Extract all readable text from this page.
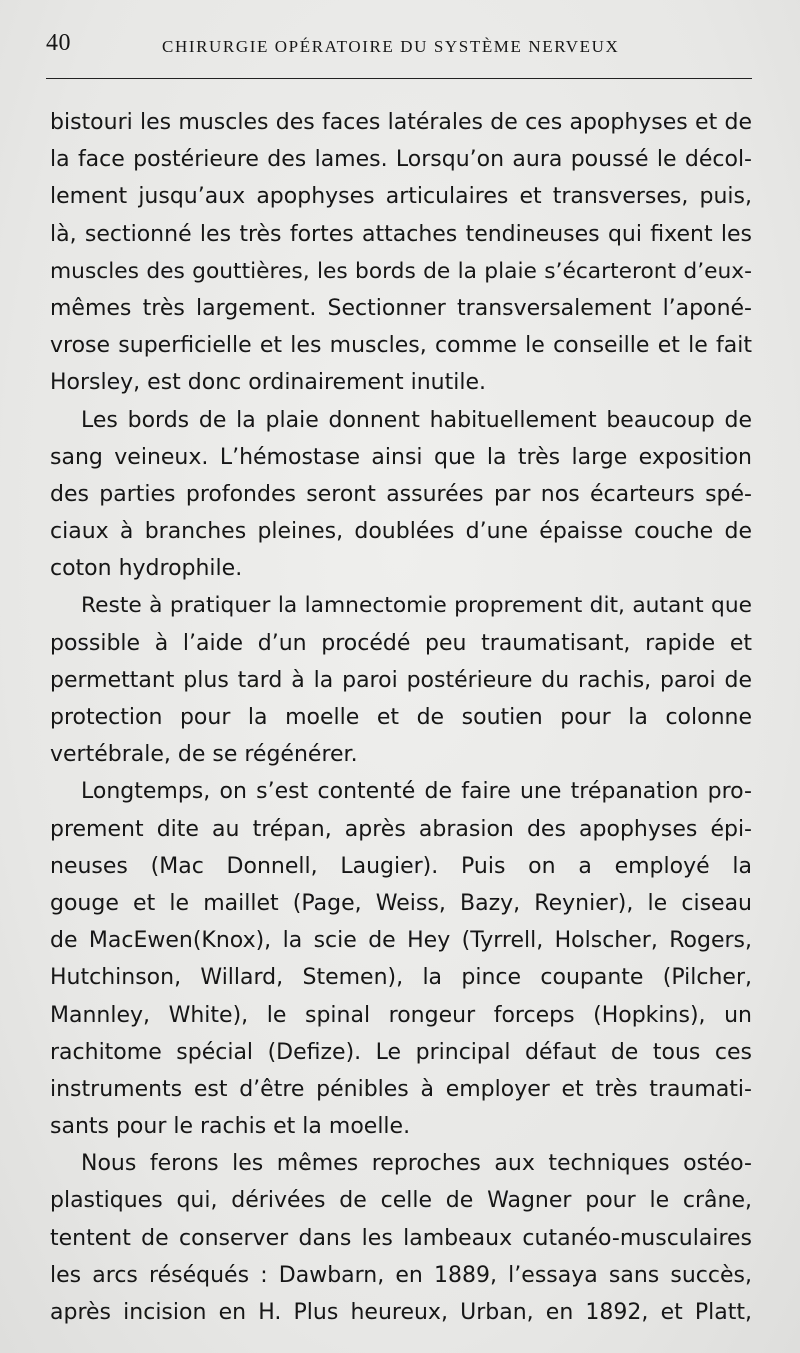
40	CHIRURGIE OPÉRATOIRE DU SYSTÈME NERVEUX
bistouri les muscles des faces latérales de ces apophyses et de
la face postérieure des lames. Lorsqu’on aura poussé le décol-
lement jusqu’aux apophyses articulaires et transverses, puis,
là, sectionné les très fortes attaches tendineuses qui fixent les
muscles des gouttières, les bords de la plaie s’écarteront d’eux-
mêmes très largement. Sectionner transversalement l’aponé-
vrose superficielle et les muscles, comme le conseille et le fait
Horsley, est donc ordinairement inutile.
Les bords de la plaie donnent habituellement beaucoup de
sang veineux. L’hémostase ainsi que la très large exposition
des parties profondes seront assurées par nos écarteurs spé-
ciaux à branches pleines, doublées d’une épaisse couche de
coton hydrophile.
Reste à pratiquer la lamnectomie proprement dit, autant que
possible à l’aide d’un procédé peu traumatisant, rapide et
permettant plus tard à la paroi postérieure du rachis, paroi de
protection pour la moelle et de soutien pour la colonne
vertébrale, de se régénérer.
Longtemps, on s’est contenté de faire une trépanation pro-
prement dite au trépan, après abrasion des apophyses épi-
neuses (Mac Donnell, Laugier). Puis on a employé la
gouge et le maillet (Page, Weiss, Bazy, Reynier), le ciseau
de MacEwen(Knox), la scie de Hey (Tyrrell, Holscher, Rogers,
Hutchinson, Willard, Stemen), la pince coupante (Pilcher,
Mannley, White), le spinal rongeur forceps (Hopkins), un
rachitome spécial (Defize). Le principal défaut de tous ces
instruments est d’être pénibles à employer et très traumati-
sants pour le rachis et la moelle.
Nous ferons les mêmes reproches aux techniques ostéo-
plastiques qui, dérivées de celle de Wagner pour le crâne,
tentent de conserver dans les lambeaux cutanéo-musculaires
les arcs réséqués : Dawbarn, en 1889, l’essaya sans succès,
après incision en H. Plus heureux, Urban, en 1892, et Platt,
